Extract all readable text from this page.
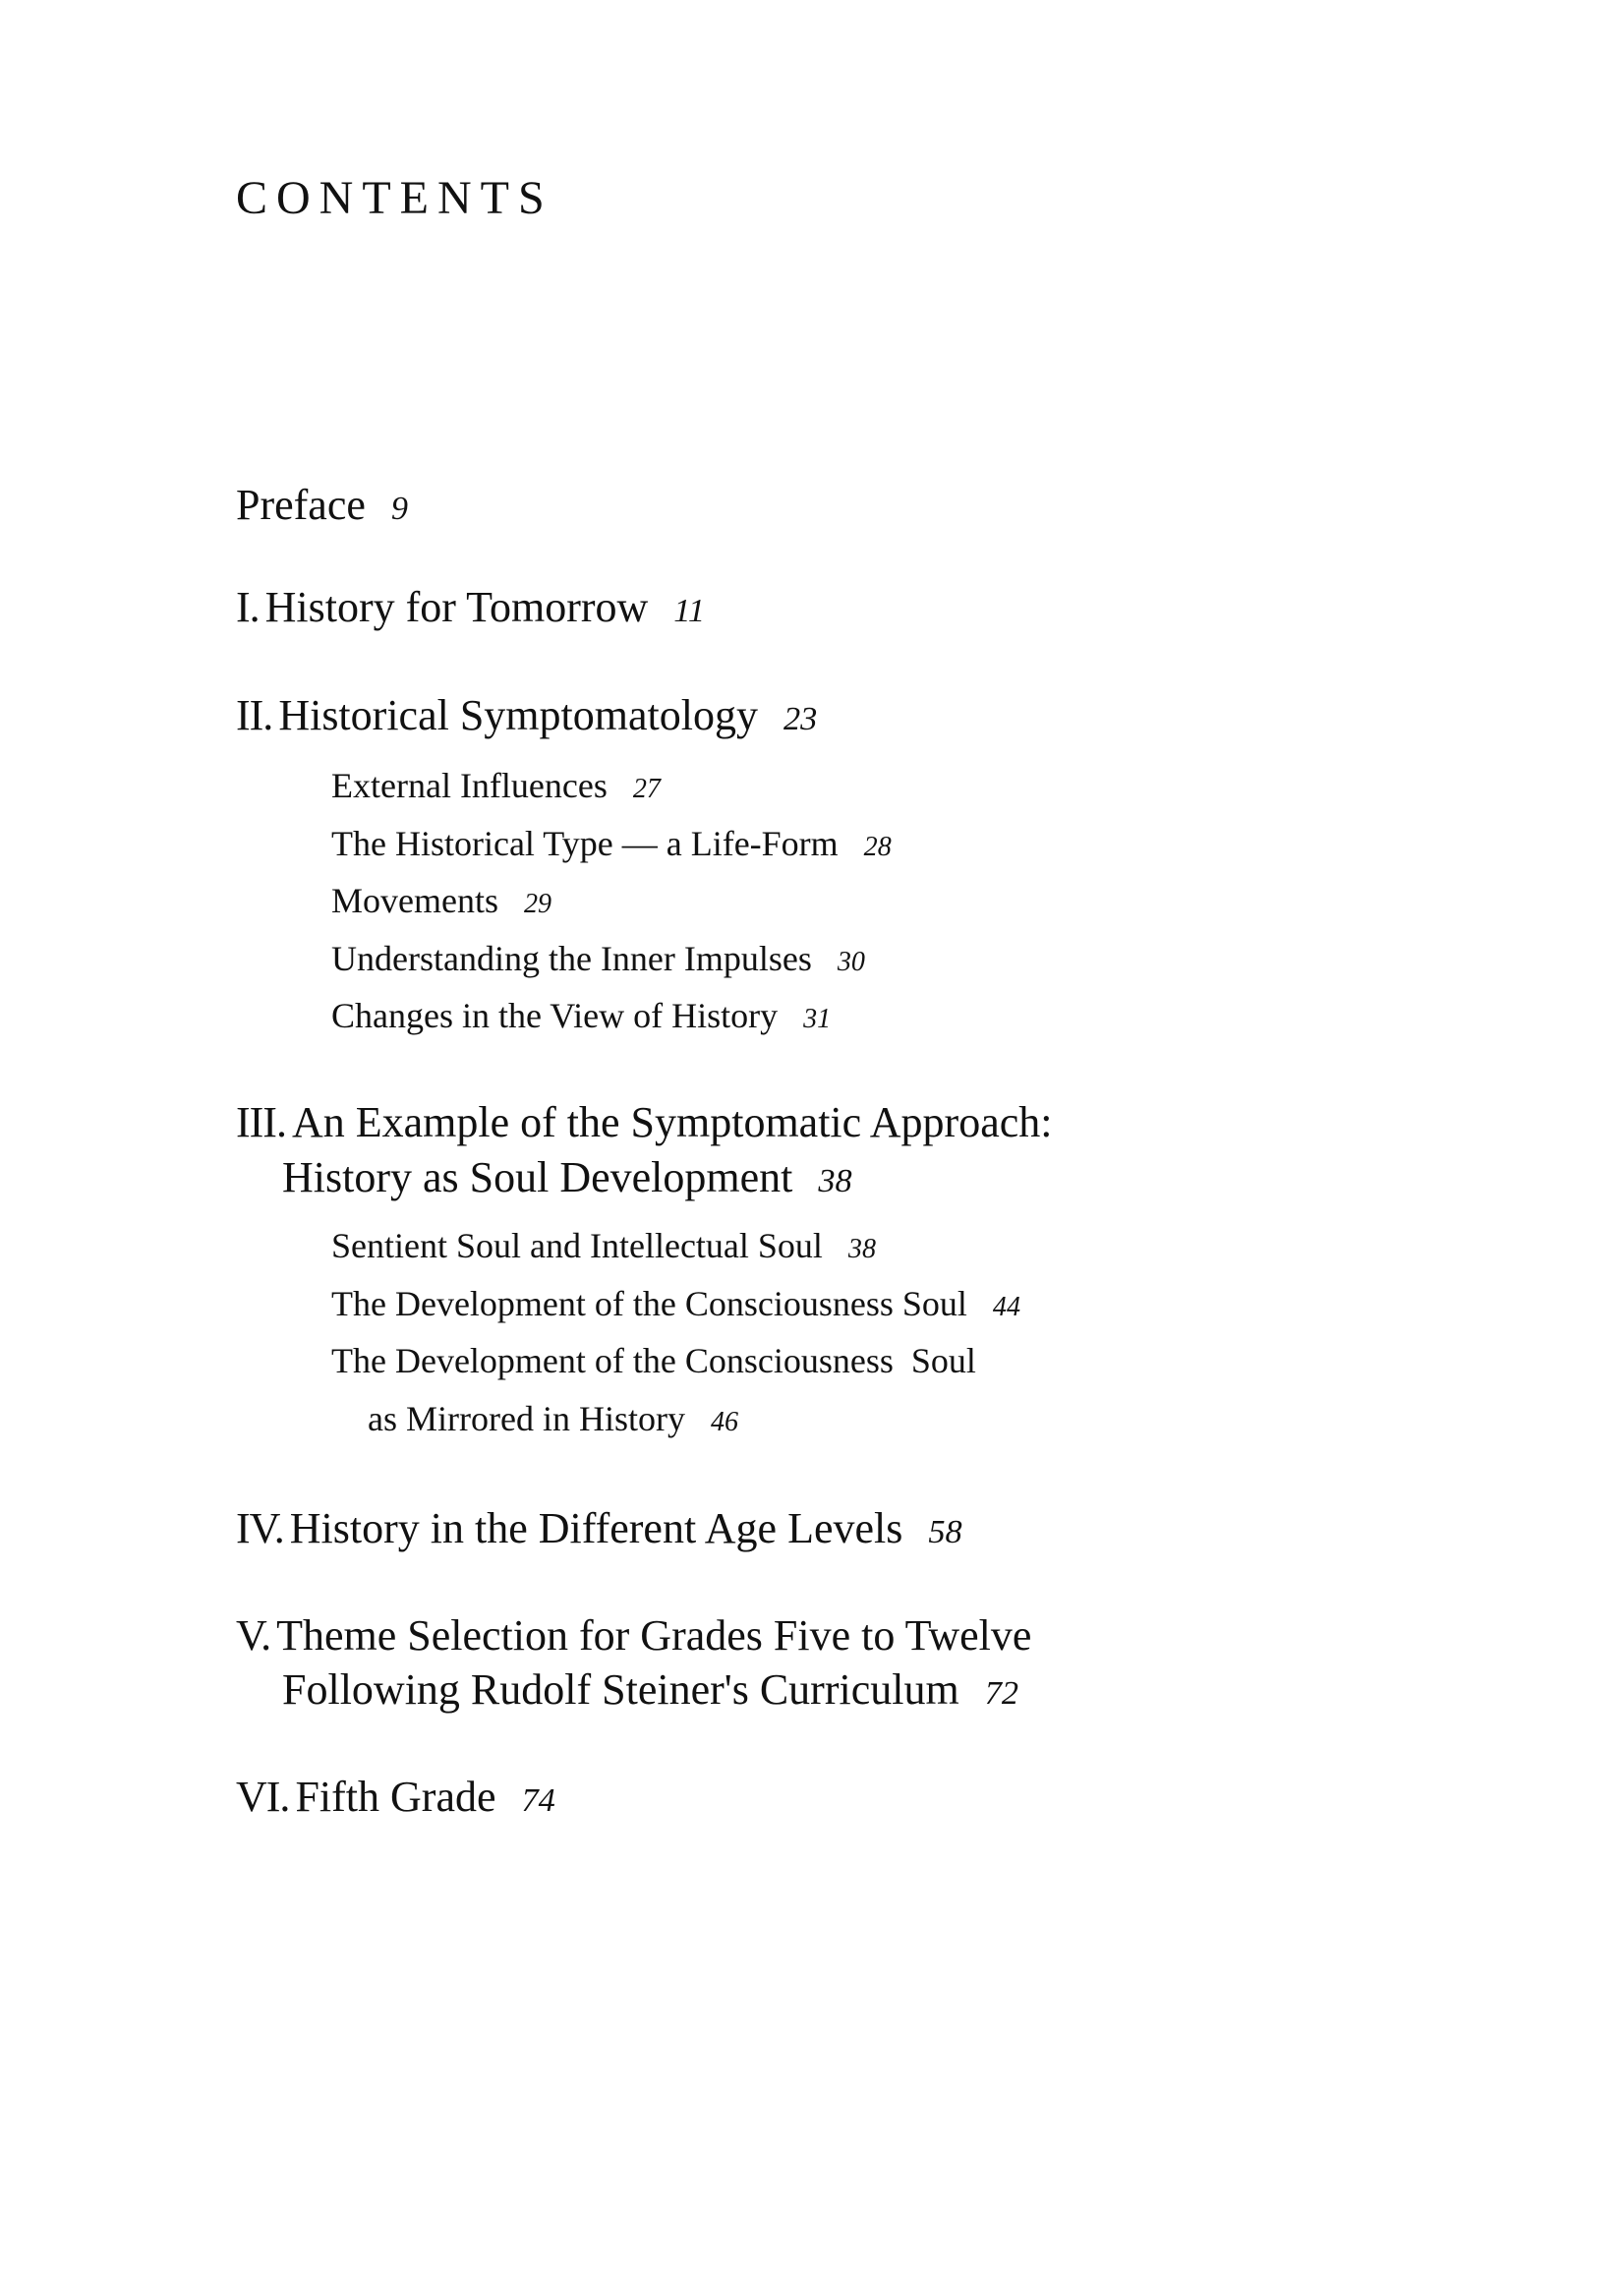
CONTENTS
Preface 9
I. History for Tomorrow 11
II. Historical Symptomatology 23
External Influences 27
The Historical Type — a Life-Form 28
Movements 29
Understanding the Inner Impulses 30
Changes in the View of History 31
III. An Example of the Symptomatic Approach:
History as Soul Development 38
Sentient Soul and Intellectual Soul 38
The Development of the Consciousness Soul 44
The Development of the Consciousness  Soul
as Mirrored in History 46
IV. History in the Different Age Levels 58
V. Theme Selection for Grades Five to Twelve
Following Rudolf Steiner's Curriculum 72
VI. Fifth Grade 74
